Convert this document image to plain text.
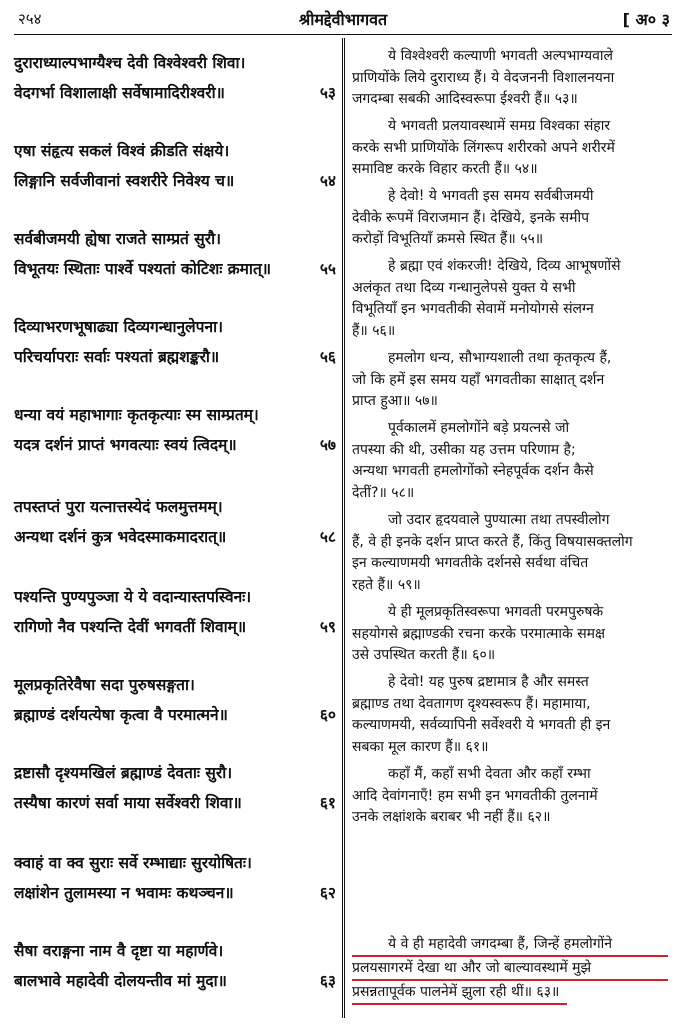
२५४	श्रीमद्देवीभागवत	[ अ० ३
दुराराध्याल्पभाग्यैश्च देवी विश्वेश्वरी शिवा।
वेदगर्भा विशालाक्षी सर्वेषामादिरीश्वरी॥	५३
एषा संहृत्य सकलं विश्वं क्रीडति संक्षये।
लिङ्गानि सर्वजीवानां स्वशरीरे निवेश्य च॥	५४
सर्वबीजमयी ह्येषा राजते साम्प्रतं सुरौ।
विभूतयः स्थिताः पार्श्वे पश्यतां कोटिशः क्रमात्॥	५५
दिव्याभरणभूषाढ्या दिव्यगन्धानुलेपना।
परिचर्यापराः सर्वाः पश्यतां ब्रह्मशङ्करौ॥	५६
धन्या वयं महाभागाः कृतकृत्याः स्म साम्प्रतम्।
यदत्र दर्शनं प्राप्तं भगवत्याः स्वयं त्विदम्॥	५७
तपस्तप्तं पुरा यत्नात्तस्येदं फलमुत्तमम्।
अन्यथा दर्शनं कुत्र भवेदस्माकमादरात्॥	५८
पश्यन्ति पुण्यपुञ्जा ये ये वदान्यास्तपस्विनः।
रागिणो नैव पश्यन्ति देवीं भगवतीं शिवाम्॥	५९
मूलप्रकृतिरेवैषा सदा पुरुषसङ्गता।
ब्रह्माण्डं दर्शयत्येषा कृत्वा वै परमात्मने॥	६०
द्रष्टासौ दृश्यमखिलं ब्रह्माण्डं देवताः सुरौ।
तस्यैषा कारणं सर्वा माया सर्वेश्वरी शिवा॥	६१
क्वाहं वा क्व सुराः सर्वे रम्भाद्याः सुरयोषितः।
लक्षांशेन तुलामस्या न भवामः कथञ्चन॥	६२
सैषा वराङ्गना नाम वै दृष्टा या महार्णवे।
बालभावे महादेवी दोलयन्तीव मां मुदा॥	६३
ये विश्वेश्वरी कल्याणी भगवती अल्पभाग्यवाले
प्राणियोंके लिये दुराराध्य हैं। ये वेदजननी विशालनयना
जगदम्बा सबकी आदिस्वरूपा ईश्वरी हैं॥ ५३॥
ये भगवती प्रलयावस्थामें समग्र विश्वका संहार
करके सभी प्राणियोंके लिंगरूप शरीरको अपने शरीरमें
समाविष्ट करके विहार करती हैं॥ ५४॥
हे देवो! ये भगवती इस समय सर्वबीजमयी
देवीके रूपमें विराजमान हैं। देखिये, इनके समीप
करोड़ों विभूतियाँ क्रमसे स्थित हैं॥ ५५॥
हे ब्रह्मा एवं शंकरजी! देखिये, दिव्य आभूषणोंसे
अलंकृत तथा दिव्य गन्धानुलेपसे युक्त ये सभी
विभूतियाँ इन भगवतीकी सेवामें मनोयोगसे संलग्न
हैं॥ ५६॥
हमलोग धन्य, सौभाग्यशाली तथा कृतकृत्य हैं,
जो कि हमें इस समय यहाँ भगवतीका साक्षात् दर्शन
प्राप्त हुआ॥ ५७॥
पूर्वकालमें हमलोगोंने बड़े प्रयत्नसे जो
तपस्या की थी, उसीका यह उत्तम परिणाम है;
अन्यथा भगवती हमलोगोंको स्नेहपूर्वक दर्शन कैसे
देतीं?॥ ५८॥
जो उदार हृदयवाले पुण्यात्मा तथा तपस्वीलोग
हैं, वे ही इनके दर्शन प्राप्त करते हैं, किंतु विषयासक्तलोग
इन कल्याणमयी भगवतीके दर्शनसे सर्वथा वंचित
रहते हैं॥ ५९॥
ये ही मूलप्रकृतिस्वरूपा भगवती परमपुरुषके
सहयोगसे ब्रह्माण्डकी रचना करके परमात्माके समक्ष
उसे उपस्थित करती हैं॥ ६०॥
हे देवो! यह पुरुष द्रष्टामात्र है और समस्त
ब्रह्माण्ड तथा देवतागण दृश्यस्वरूप हैं। महामाया,
कल्याणमयी, सर्वव्यापिनी सर्वेश्वरी ये भगवती ही इन
सबका मूल कारण हैं॥ ६१॥
कहाँ मैं, कहाँ सभी देवता और कहाँ रम्भा
आदि देवांगनाएँ! हम सभी इन भगवतीकी तुलनामें
उनके लक्षांशके बराबर भी नहीं हैं॥ ६२॥
ये वे ही महादेवी जगदम्बा हैं, जिन्हें हमलोगोंने
प्रलयसागरमें देखा था और जो बाल्यावस्थामें मुझे
प्रसन्नतापूर्वक पालनेमें झुला रही थीं॥ ६३॥
